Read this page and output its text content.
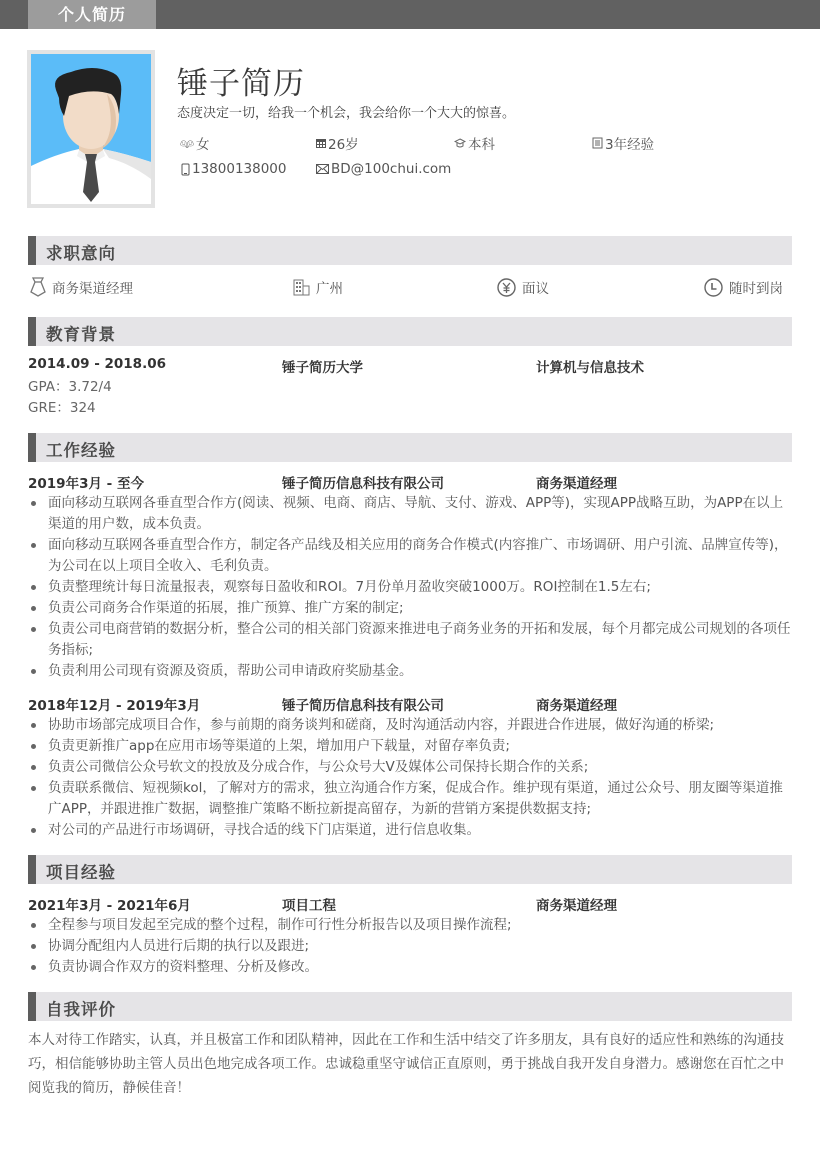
个人简历
锤子简历
态度决定一切，给我一个机会，我会给你一个大大的惊喜。
👫︎ 女	26岁	本科	3年经验
13800138000	BD@100chui.com
求职意向
商务渠道经理	广州	面议	随时到岗
教育背景
2014.09 - 2018.06	锤子简历大学	计算机与信息技术
GPA：3.72/4
GRE：324
工作经验
2019年3月 - 至今	锤子简历信息科技有限公司	商务渠道经理
面向移动互联网各垂直型合作方(阅读、视频、电商、商店、导航、支付、游戏、APP等)，实现APP战略互助，为APP在以上渠道的用户数，成本负责。
面向移动互联网各垂直型合作方，制定各产品线及相关应用的商务合作模式(内容推广、市场调研、用户引流、品牌宣传等)，为公司在以上项目全收入、毛利负责。
负责整理统计每日流量报表，观察每日盈收和ROI。7月份单月盈收突破1000万。ROI控制在1.5左右;
负责公司商务合作渠道的拓展，推广预算、推广方案的制定;
负责公司电商营销的数据分析，整合公司的相关部门资源来推进电子商务业务的开拓和发展，每个月都完成公司规划的各项任 务指标;
负责利用公司现有资源及资质，帮助公司申请政府奖励基金。
2018年12月 - 2019年3月	锤子简历信息科技有限公司	商务渠道经理
协助市场部完成项目合作，参与前期的商务谈判和磋商，及时沟通活动内容，并跟进合作进展，做好沟通的桥梁;
负责更新推广app在应用市场等渠道的上架，增加用户下载量，对留存率负责;
负责公司微信公众号软文的投放及分成合作，与公众号大V及媒体公司保持长期合作的关系;
负责联系微信、短视频kol，了解对方的需求，独立沟通合作方案，促成合作。维护现有渠道，通过公众号、朋友圈等渠道推广APP，并跟进推广数据，调整推广策略不断拉新提高留存，为新的营销方案提供数据支持;
对公司的产品进行市场调研，寻找合适的线下门店渠道，进行信息收集。
项目经验
2021年3月 - 2021年6月	项目工程	商务渠道经理
全程参与项目发起至完成的整个过程，制作可行性分析报告以及项目操作流程;
协调分配组内人员进行后期的执行以及跟进;
负责协调合作双方的资料整理、分析及修改。
自我评价
本人对待工作踏实，认真，并且极富工作和团队精神，因此在工作和生活中结交了许多朋友，具有良好的适应性和熟练的沟通技巧，相信能够协助主管人员出色地完成各项工作。忠诚稳重坚守诚信正直原则，勇于挑战自我开发自身潜力。感谢您在百忙之中阅览我的简历，静候佳音！
